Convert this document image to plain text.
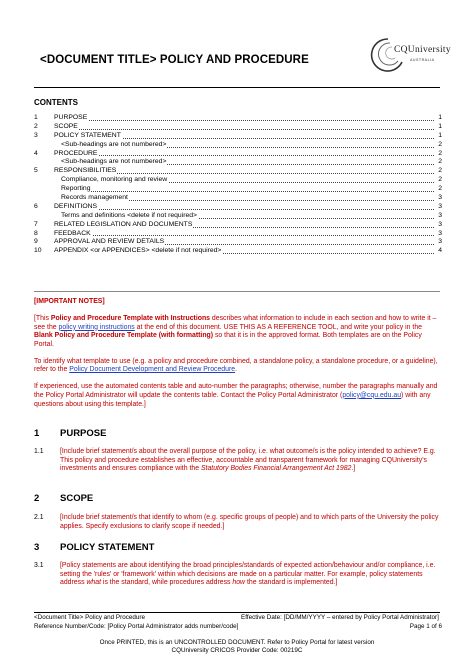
<DOCUMENT TITLE> POLICY AND PROCEDURE
CQUniversity
AUSTRALIA
CONTENTS
1 PURPOSE	1
2 SCOPE	1
3 POLICY STATEMENT	1
<Sub-headings are not numbered>	2
4 PROCEDURE	2
<Sub-headings are not numbered>	2
5 RESPONSIBILITIES	2
Compliance, monitoring and review	2
Reporting	2
Records management	3
6 DEFINITIONS	3
Terms and definitions <delete if not required>	3
7 RELATED LEGISLATION AND DOCUMENTS	3
8 FEEDBACK	3
9 APPROVAL AND REVIEW DETAILS	3
10 APPENDIX <or APPENDICES> <delete if not required>	4

[IMPORTANT NOTES]

[This Policy and Procedure Template with Instructions describes what information to include in each section and how to write it – see the policy writing instructions at the end of this document. USE THIS AS A REFERENCE TOOL, and write your policy in the Blank Policy and Procedure Template (with formatting) so that it is in the approved format. Both templates are on the Policy Portal.

To identify what template to use (e.g. a policy and procedure combined, a standalone policy, a standalone procedure, or a guideline), refer to the Policy Document Development and Review Procedure.

If experienced, use the automated contents table and auto-number the paragraphs; otherwise, number the paragraphs manually and the Policy Portal Administrator will update the contents table. Contact the Policy Portal Administrator (policy@cqu.edu.au) with any questions about using this template.]

1 PURPOSE
1.1 [Include brief statement/s about the overall purpose of the policy, i.e. what outcome/s is the policy intended to achieve? E.g. This policy and procedure establishes an effective, accountable and transparent framework for managing CQUniversity's investments and ensures compliance with the Statutory Bodies Financial Arrangement Act 1982.]
2 SCOPE
2.1 [Include brief statement/s that identify to whom (e.g. specific groups of people) and to which parts of the University the policy applies. Specify exclusions to clarify scope if needed.]
3 POLICY STATEMENT
3.1 [Policy statements are about identifying the broad principles/standards of expected action/behaviour and/or compliance, i.e. setting the 'rules' or 'framework' within which decisions are made on a particular matter. For example, policy statements address what is the standard, while procedures address how the standard is implemented.]
<Document Title> Policy and Procedure	Effective Date: [DD/MM/YYYY – entered by Policy Portal Administrator]
Reference Number/Code: [Policy Portal Administrator adds number/code]	Page 1 of 6
Once PRINTED, this is an UNCONTROLLED DOCUMENT. Refer to Policy Portal for latest version
CQUniversity CRICOS Provider Code: 00219C
